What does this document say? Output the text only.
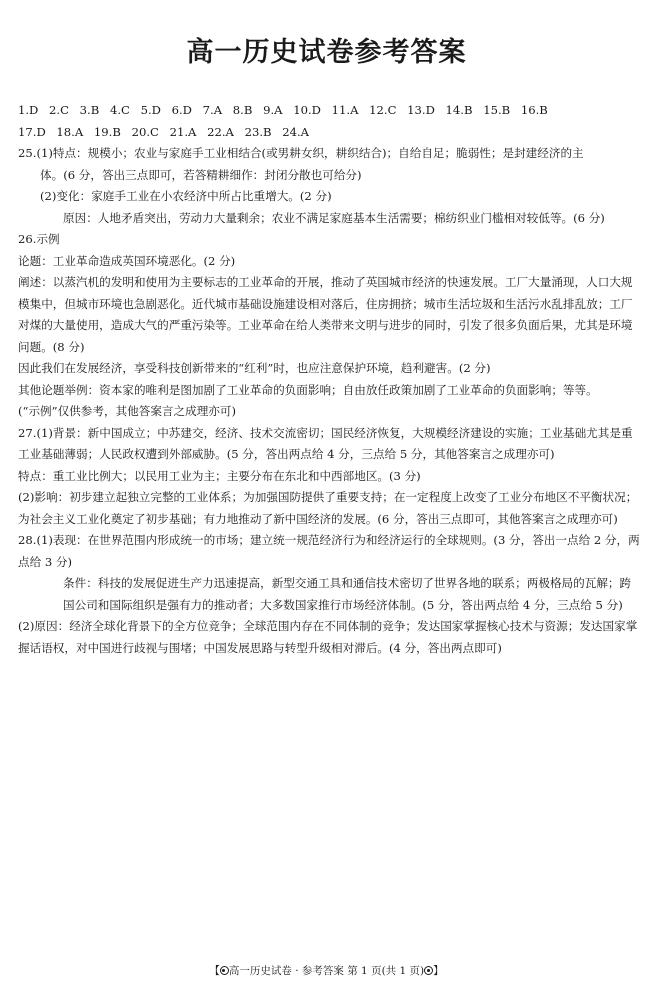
高一历史试卷参考答案
1.D 2.C 3.B 4.C 5.D 6.D 7.A 8.B 9.A 10.D 11.A 12.C 13.D 14.B 15.B 16.B
17.D 18.A 19.B 20.C 21.A 22.A 23.B 24.A

25.(1)特点：规模小；农业与家庭手工业相结合(或男耕女织，耕织结合)；自给自足；脆弱性；是封建经济的主

体。(6 分，答出三点即可，若答精耕细作：封闭分散也可给分)

(2)变化：家庭手工业在小农经济中所占比重增大。(2 分)

原因：人地矛盾突出，劳动力大量剩余；农业不满足家庭基本生活需要；棉纺织业门槛相对较低等。(6 分)

26.示例

论题：工业革命造成英国环境恶化。(2 分)

阐述：以蒸汽机的发明和使用为主要标志的工业革命的开展，推动了英国城市经济的快速发展。工厂大量涌现，人口大规模集中，但城市环境也急剧恶化。近代城市基础设施建设相对落后，住房拥挤；城市生活垃圾和生活污水乱排乱放；工厂对煤的大量使用，造成大气的严重污染等。工业革命在给人类带来文明与进步的同时，引发了很多负面后果，尤其是环境问题。(8 分)

因此我们在发展经济，享受科技创新带来的“红利”时，也应注意保护环境，趋利避害。(2 分)

其他论题举例：资本家的唯利是图加剧了工业革命的负面影响；自由放任政策加剧了工业革命的负面影响；等等。

(“示例”仅供参考，其他答案言之成理亦可)

27.(1)背景：新中国成立；中苏建交，经济、技术交流密切；国民经济恢复，大规模经济建设的实施；工业基础尤其是重工业基础薄弱；人民政权遭到外部威胁。(5 分，答出两点给 4 分，三点给 5 分，其他答案言之成理亦可)

特点：重工业比例大；以民用工业为主；主要分布在东北和中西部地区。(3 分)

(2)影响：初步建立起独立完整的工业体系；为加强国防提供了重要支持；在一定程度上改变了工业分布地区不平衡状况；为社会主义工业化奠定了初步基础；有力地推动了新中国经济的发展。(6 分，答出三点即可，其他答案言之成理亦可)

28.(1)表现：在世界范围内形成统一的市场；建立统一规范经济行为和经济运行的全球规则。(3 分，答出一点给 2 分，两点给 3 分)

条件：科技的发展促进生产力迅速提高，新型交通工具和通信技术密切了世界各地的联系；两极格局的瓦解；跨国公司和国际组织是强有力的推动者；大多数国家推行市场经济体制。(5 分，答出两点给 4 分，三点给 5 分)

(2)原因：经济全球化背景下的全方位竞争；全球范围内存在不同体制的竞争；发达国家掌握核心技术与资源；发达国家掌握话语权，对中国进行歧视与围堵；中国发展思路与转型升级相对滞后。(4 分，答出两点即可)

【 高一历史试卷 · 参考答案 第 1 页(共 1 页) 】
